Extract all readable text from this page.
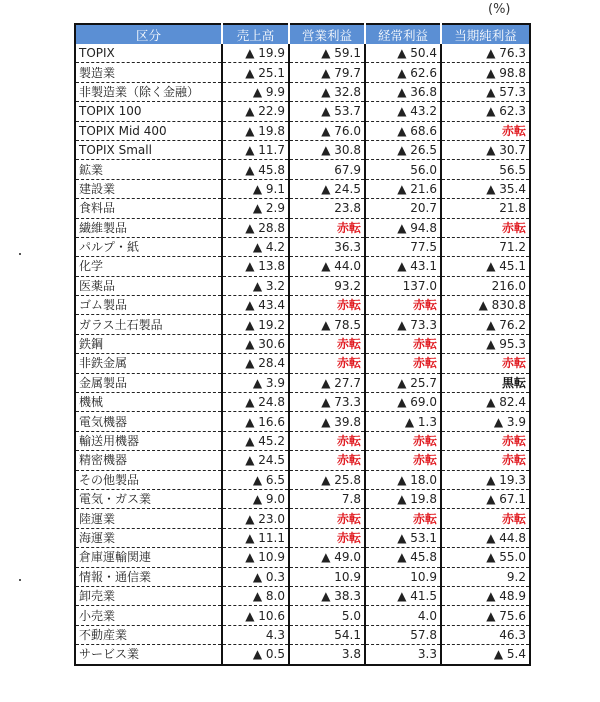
(%)
区分	売上高	営業利益	経常利益	当期純利益
TOPIX	▲ 19.9	▲ 59.1	▲ 50.4	▲ 76.3
製造業	▲ 25.1	▲ 79.7	▲ 62.6	▲ 98.8
非製造業（除く金融）	▲ 9.9	▲ 32.8	▲ 36.8	▲ 57.3
TOPIX 100	▲ 22.9	▲ 53.7	▲ 43.2	▲ 62.3
TOPIX Mid 400	▲ 19.8	▲ 76.0	▲ 68.6	赤転
TOPIX Small	▲ 11.7	▲ 30.8	▲ 26.5	▲ 30.7
鉱業	▲ 45.8	67.9	56.0	56.5
建設業	▲ 9.1	▲ 24.5	▲ 21.6	▲ 35.4
食料品	▲ 2.9	23.8	20.7	21.8
繊維製品	▲ 28.8	赤転	▲ 94.8	赤転
パルプ・紙	▲ 4.2	36.3	77.5	71.2
化学	▲ 13.8	▲ 44.0	▲ 43.1	▲ 45.1
医薬品	▲ 3.2	93.2	137.0	216.0
ゴム製品	▲ 43.4	赤転	赤転	▲ 830.8
ガラス土石製品	▲ 19.2	▲ 78.5	▲ 73.3	▲ 76.2
鉄鋼	▲ 30.6	赤転	赤転	▲ 95.3
非鉄金属	▲ 28.4	赤転	赤転	赤転
金属製品	▲ 3.9	▲ 27.7	▲ 25.7	黒転
機械	▲ 24.8	▲ 73.3	▲ 69.0	▲ 82.4
電気機器	▲ 16.6	▲ 39.8	▲ 1.3	▲ 3.9
輸送用機器	▲ 45.2	赤転	赤転	赤転
精密機器	▲ 24.5	赤転	赤転	赤転
その他製品	▲ 6.5	▲ 25.8	▲ 18.0	▲ 19.3
電気・ガス業	▲ 9.0	7.8	▲ 19.8	▲ 67.1
陸運業	▲ 23.0	赤転	赤転	赤転
海運業	▲ 11.1	赤転	▲ 53.1	▲ 44.8
倉庫運輸関連	▲ 10.9	▲ 49.0	▲ 45.8	▲ 55.0
情報・通信業	▲ 0.3	10.9	10.9	9.2
卸売業	▲ 8.0	▲ 38.3	▲ 41.5	▲ 48.9
小売業	▲ 10.6	5.0	4.0	▲ 75.6
不動産業	4.3	54.1	57.8	46.3
サービス業	▲ 0.5	3.8	3.3	▲ 5.4
